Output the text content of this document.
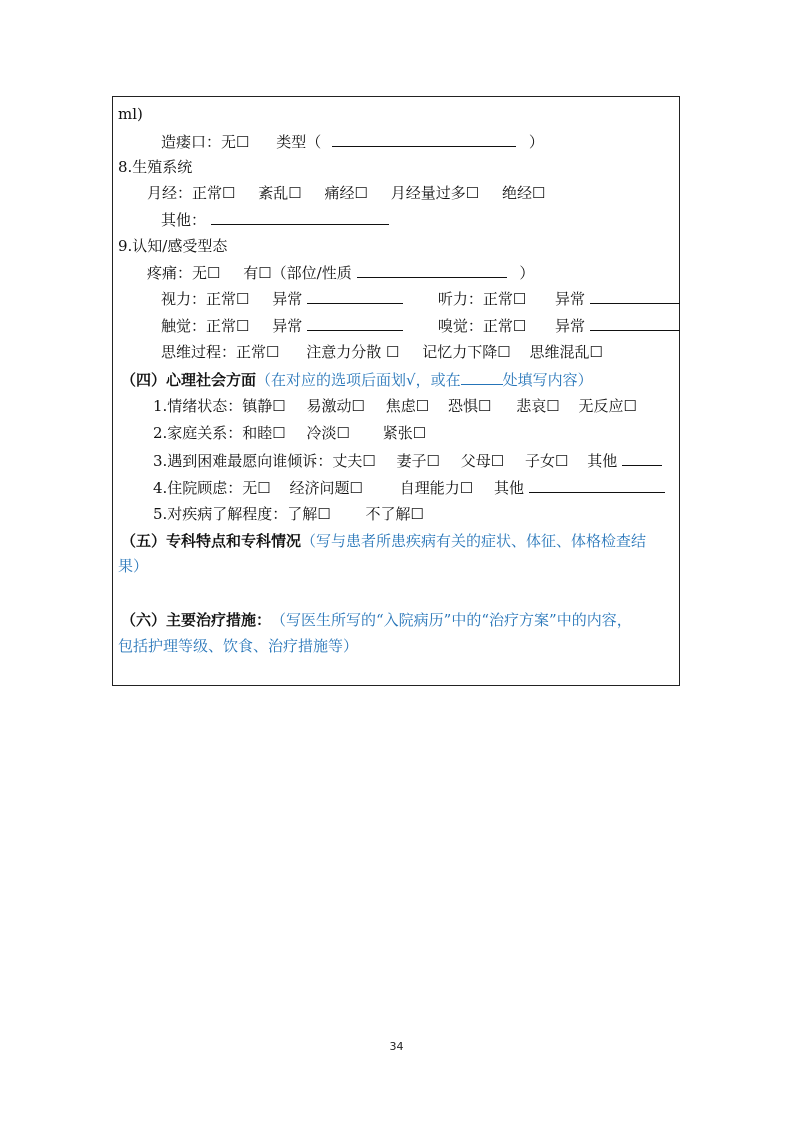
ml)
造瘘口：无☐ 类型（	）
8.生殖系统
月经：正常☐ 紊乱☐ 痛经☐ 月经量过多☐ 绝经☐
其他：
9.认知/感受型态
疼痛：无☐ 有☐（部位/性质	）
视力：正常☐ 异常	听力：正常☐ 异常
触觉：正常☐ 异常	嗅觉：正常☐ 异常
思维过程：正常☐ 注意力分散 ☐ 记忆力下降☐ 思维混乱☐
（四）心理社会方面（在对应的选项后面划√，或在	处填写内容）
1.情绪状态：镇静☐ 易激动☐ 焦虑☐ 恐惧☐ 悲哀☐ 无反应☐
2.家庭关系：和睦☐ 冷淡☐ 紧张☐
3.遇到困难最愿向谁倾诉：丈夫☐ 妻子☐ 父母☐ 子女☐ 其他
4.住院顾虑：无☐ 经济问题☐ 自理能力☐ 其他
5.对疾病了解程度：了解☐ 不了解☐
（五）专科特点和专科情况（写与患者所患疾病有关的症状、体征、体格检查结
果）
（六）主要治疗措施：（写医生所写的“入院病历”中的“治疗方案”中的内容，
包括护理等级、饮食、治疗措施等）
34
